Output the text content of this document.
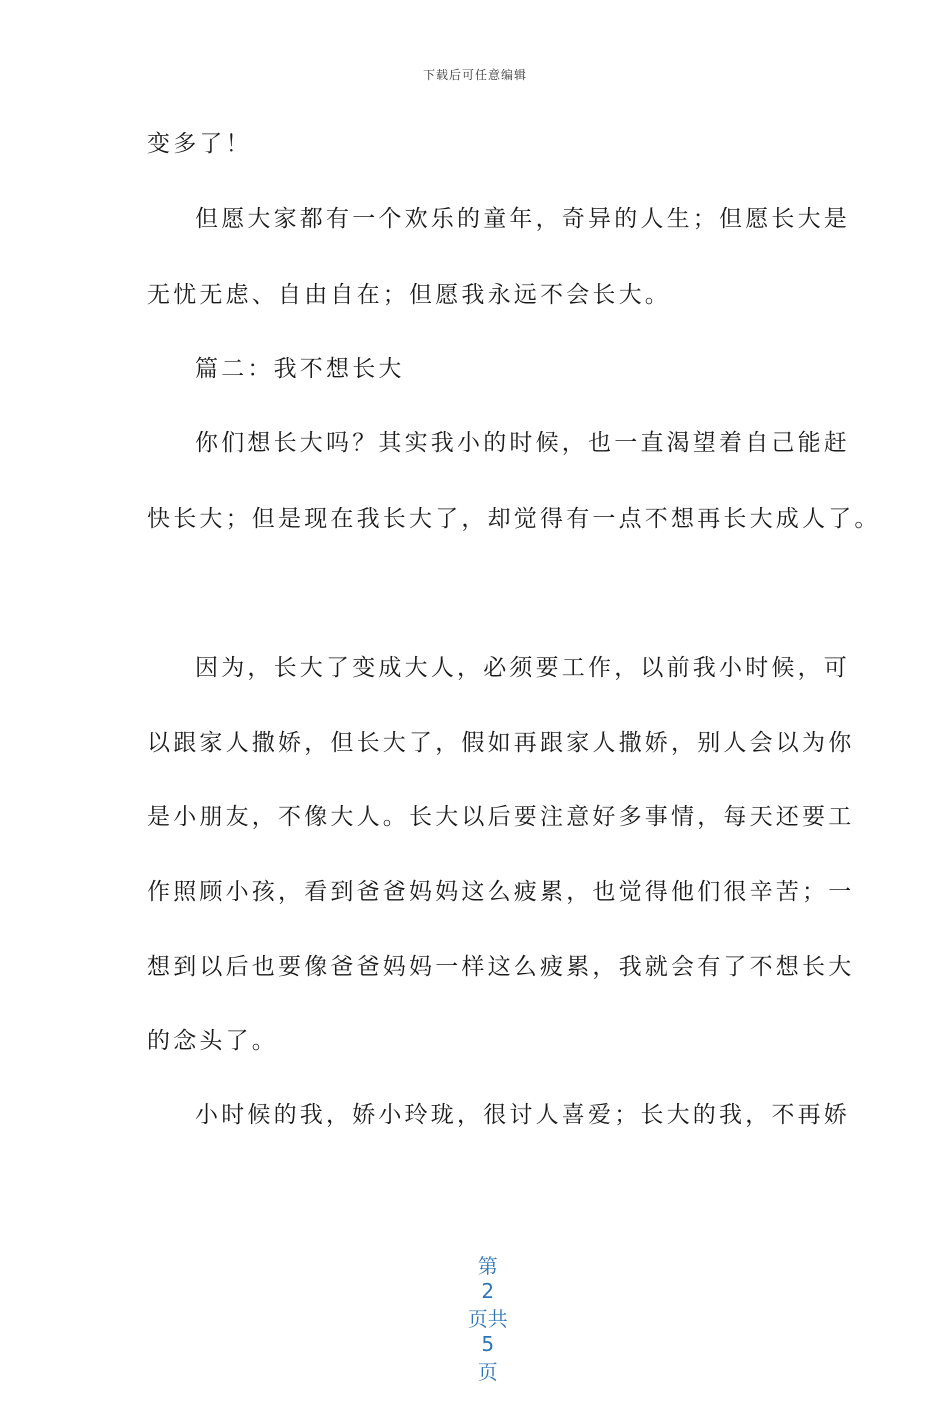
下载后可任意编辑
变多了！
但愿大家都有一个欢乐的童年，奇异的人生；但愿长大是
无忧无虑、自由自在；但愿我永远不会长大。
篇二：我不想长大
你们想长大吗？其实我小的时候，也一直渴望着自己能赶
快长大；但是现在我长大了，却觉得有一点不想再长大成人了。
因为，长大了变成大人，必须要工作，以前我小时候，可
以跟家人撒娇，但长大了，假如再跟家人撒娇，别人会以为你
是小朋友，不像大人。长大以后要注意好多事情，每天还要工
作照顾小孩，看到爸爸妈妈这么疲累，也觉得他们很辛苦；一
想到以后也要像爸爸妈妈一样这么疲累，我就会有了不想长大
的念头了。
小时候的我，娇小玲珑，很讨人喜爱；长大的我，不再娇

第
2
页共
5
页
